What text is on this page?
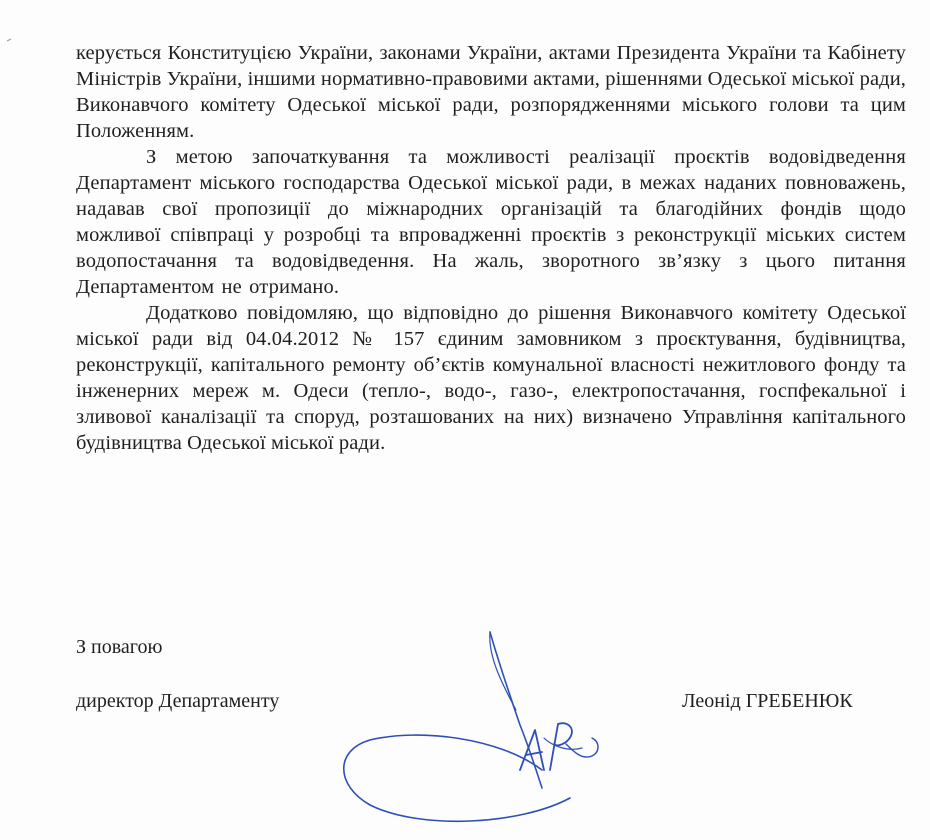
керується Конституцією України, законами України, актами Президента України та Кабінету Міністрів України, іншими нормативно-правовими актами, рішеннями Одеської міської ради, Виконавчого комітету Одеської міської ради, розпорядженнями міського голови та цим Положенням.

З метою започаткування та можливості реалізації проєктів водовідведення Департамент міського господарства Одеської міської ради, в межах наданих повноважень, надавав свої пропозиції до міжнародних організацій та благодійних фондів щодо можливої співпраці у розробці та впровадженні проєктів з реконструкції міських систем водопостачання та водовідведення. На жаль, зворотного зв’язку з цього питання Департаментом не отримано.

Додатково повідомляю, що відповідно до рішення Виконавчого комітету Одеської міської ради від 04.04.2012 № 157 єдиним замовником з проєктування, будівництва, реконструкції, капітального ремонту об’єктів комунальної власності нежитлового фонду та інженерних мереж м. Одеси (тепло-, водо-, газо-, електропостачання, госпфекальної і зливової каналізації та споруд, розташованих на них) визначено Управління капітального будівництва Одеської міської ради.

З повагою
директор Департаменту	Леонід ГРЕБЕНЮК
